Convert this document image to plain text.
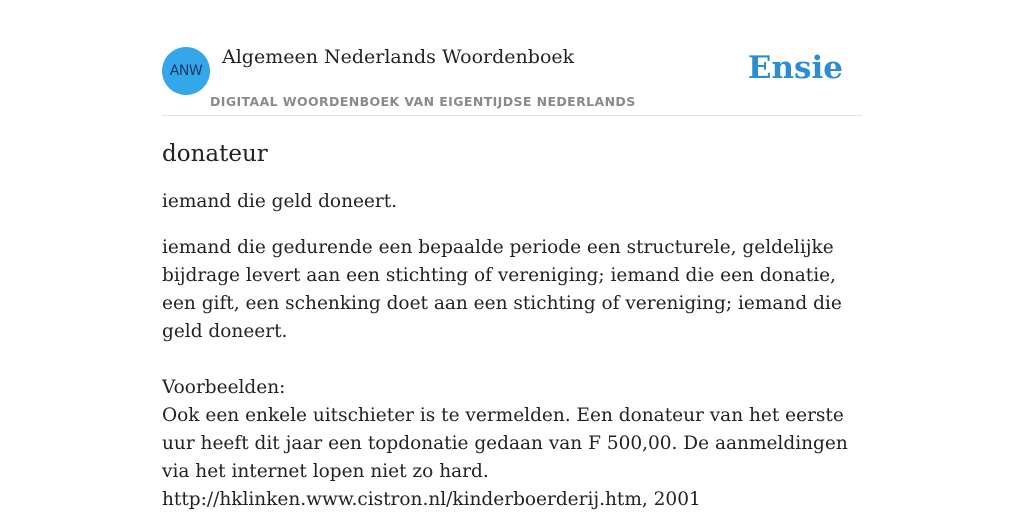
ANW
Algemeen Nederlands Woordenboek
DIGITAAL WOORDENBOEK VAN EIGENTIJDSE NEDERLANDS
Ensie
donateur

iemand die geld doneert.

iemand die gedurende een bepaalde periode een structurele, geldelijke bijdrage levert aan een stichting of vereniging; iemand die een donatie, een gift, een schenking doet aan een stichting of vereniging; iemand die geld doneert.

Voorbeelden:
Ook een enkele uitschieter is te vermelden. Een donateur van het eerste uur heeft dit jaar een topdonatie gedaan van F 500,00. De aanmeldingen via het internet lopen niet zo hard.
http://hklinken.www.cistron.nl/kinderboerderij.htm, 2001
